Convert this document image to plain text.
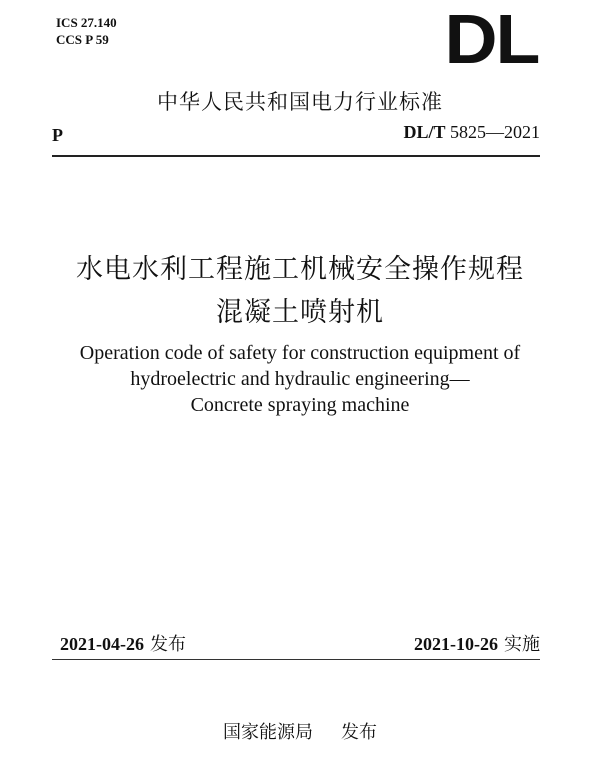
ICS 27.140
CCS P 59	DL
中华人民共和国电力行业标准
P	DL/T 5825—2021
水电水利工程施工机械安全操作规程
混凝土喷射机
Operation code of safety for construction equipment of
hydroelectric and hydraulic engineering—
Concrete spraying machine
2021-04-26 发布	2021-10-26 实施
国家能源局 发布
